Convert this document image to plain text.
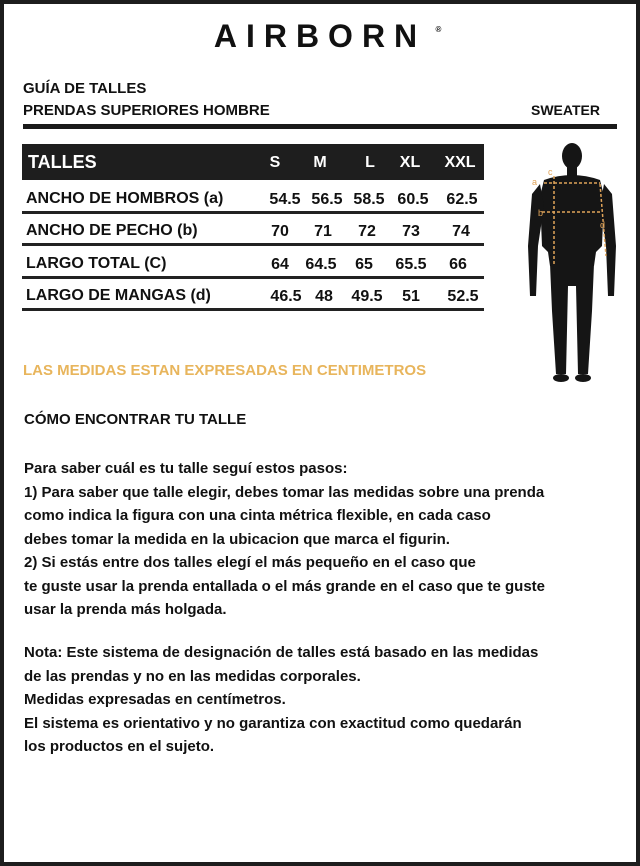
AIRBORN	®
GUÍA DE TALLES
PRENDAS SUPERIORES HOMBRE	SWEATER
TALLES	S	M	L	XL	XXL
ANCHO DE HOMBROS (a)	54.5 56.5 58.5 60.5 62.5
ANCHO DE PECHO (b)	70	71	72	73	74
LARGO TOTAL (C)	64	64.5	65	65.5	66
LARGO DE MANGAS (d)	46.5 48	49.5	51	52.5
a
b
c
d
LAS MEDIDAS ESTAN EXPRESADAS EN CENTIMETROS
CÓMO ENCONTRAR TU TALLE
Para saber cuál es tu talle seguí estos pasos:
1) Para saber que talle elegir, debes tomar las medidas sobre una prenda
como indica la figura con una cinta métrica flexible, en cada caso
debes tomar la medida en la ubicacion que marca el figurin.
2) Si estás entre dos talles elegí el más pequeño en el caso que
te guste usar la prenda entallada o el más grande en el caso que te guste
usar la prenda más holgada.
Nota: Este sistema de designación de talles está basado en las medidas
de las prendas y no en las medidas corporales.
Medidas expresadas en centímetros.
El sistema es orientativo y no garantiza con exactitud como quedarán
los productos en el sujeto.
